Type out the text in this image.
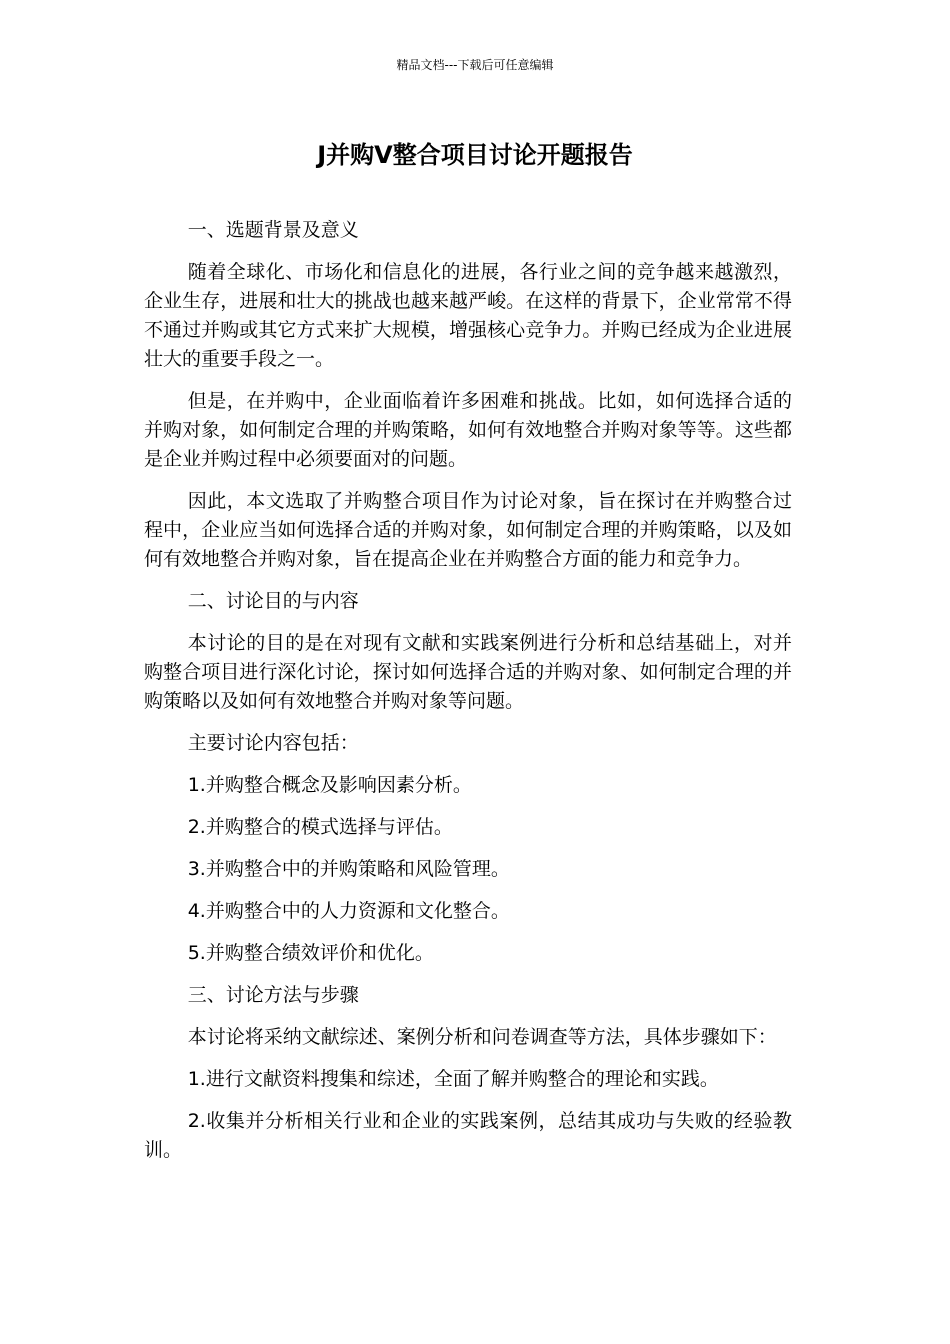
精品文档---下载后可任意编辑
J并购V整合项目讨论开题报告

一、选题背景及意义

随着全球化、市场化和信息化的进展，各行业之间的竞争越来越激烈，企业生存，进展和壮大的挑战也越来越严峻。在这样的背景下，企业常常不得不通过并购或其它方式来扩大规模，增强核心竞争力。并购已经成为企业进展壮大的重要手段之一。

但是，在并购中，企业面临着许多困难和挑战。比如，如何选择合适的并购对象，如何制定合理的并购策略，如何有效地整合并购对象等等。这些都是企业并购过程中必须要面对的问题。

因此，本文选取了并购整合项目作为讨论对象，旨在探讨在并购整合过程中，企业应当如何选择合适的并购对象，如何制定合理的并购策略，以及如何有效地整合并购对象，旨在提高企业在并购整合方面的能力和竞争力。

二、讨论目的与内容

本讨论的目的是在对现有文献和实践案例进行分析和总结基础上，对并购整合项目进行深化讨论，探讨如何选择合适的并购对象、如何制定合理的并购策略以及如何有效地整合并购对象等问题。

主要讨论内容包括：

1.并购整合概念及影响因素分析。

2.并购整合的模式选择与评估。

3.并购整合中的并购策略和风险管理。

4.并购整合中的人力资源和文化整合。

5.并购整合绩效评价和优化。

三、讨论方法与步骤

本讨论将采纳文献综述、案例分析和问卷调查等方法，具体步骤如下：

1.进行文献资料搜集和综述，全面了解并购整合的理论和实践。

2.收集并分析相关行业和企业的实践案例，总结其成功与失败的经验教训。
